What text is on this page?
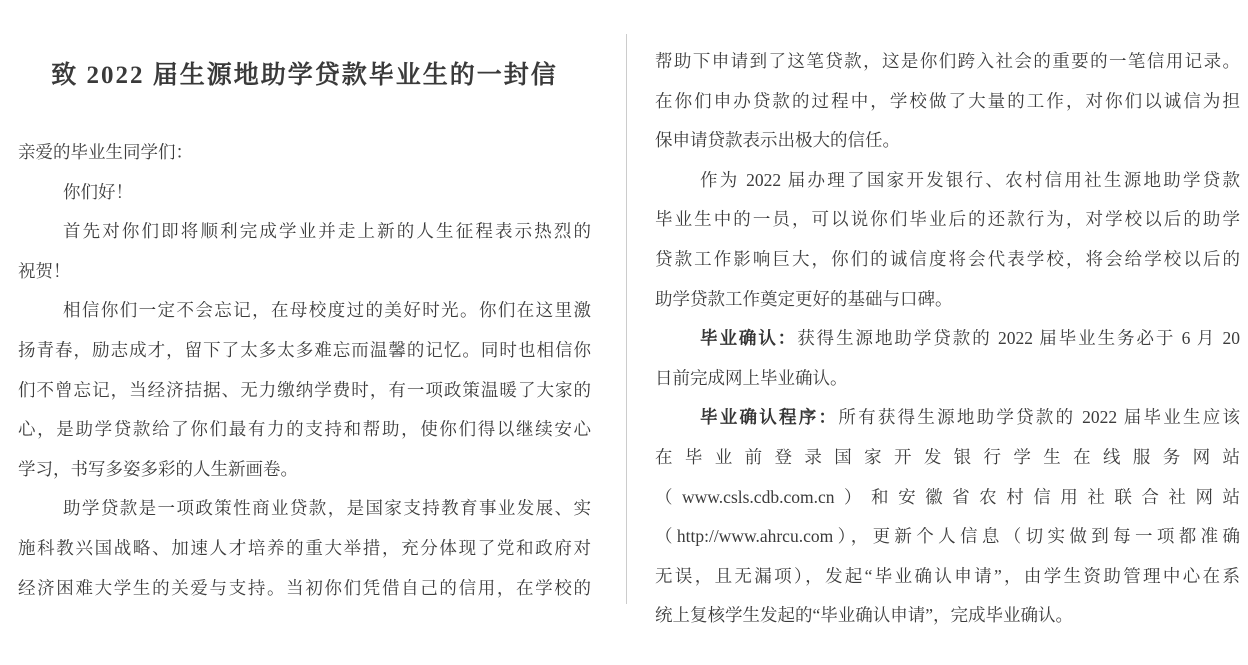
致 2022 届生源地助学贷款毕业生的一封信
亲爱的毕业生同学们：
你们好！
首先对你们即将顺利完成学业并走上新的人生征程表示热烈的
祝贺！
相信你们一定不会忘记，在母校度过的美好时光。你们在这里激
扬青春，励志成才，留下了太多太多难忘而温馨的记忆。同时也相信你
们不曾忘记，当经济拮据、无力缴纳学费时，有一项政策温暖了大家的
心，是助学贷款给了你们最有力的支持和帮助，使你们得以继续安心
学习，书写多姿多彩的人生新画卷。
助学贷款是一项政策性商业贷款，是国家支持教育事业发展、实
施科教兴国战略、加速人才培养的重大举措，充分体现了党和政府对
经济困难大学生的关爱与支持。当初你们凭借自己的信用，在学校的
帮助下申请到了这笔贷款，这是你们跨入社会的重要的一笔信用记录。
在你们申办贷款的过程中，学校做了大量的工作，对你们以诚信为担
保申请贷款表示出极大的信任。
作为 2022 届办理了国家开发银行、农村信用社生源地助学贷款
毕业生中的一员，可以说你们毕业后的还款行为，对学校以后的助学
贷款工作影响巨大，你们的诚信度将会代表学校，将会给学校以后的
助学贷款工作奠定更好的基础与口碑。
毕业确认：获得生源地助学贷款的 2022 届毕业生务必于 6 月 20
日前完成网上毕业确认。
毕业确认程序：所有获得生源地助学贷款的 2022 届毕业生应该
在毕业前登录国家开发银行学生在线服务网站
（www.csls.cdb.com.cn）和安徽省农村信用社联合社网站
（http://www.ahrcu.com），更新个人信息（切实做到每一项都准确
无误，且无漏项），发起“毕业确认申请”，由学生资助管理中心在系
统上复核学生发起的“毕业确认申请”，完成毕业确认。
